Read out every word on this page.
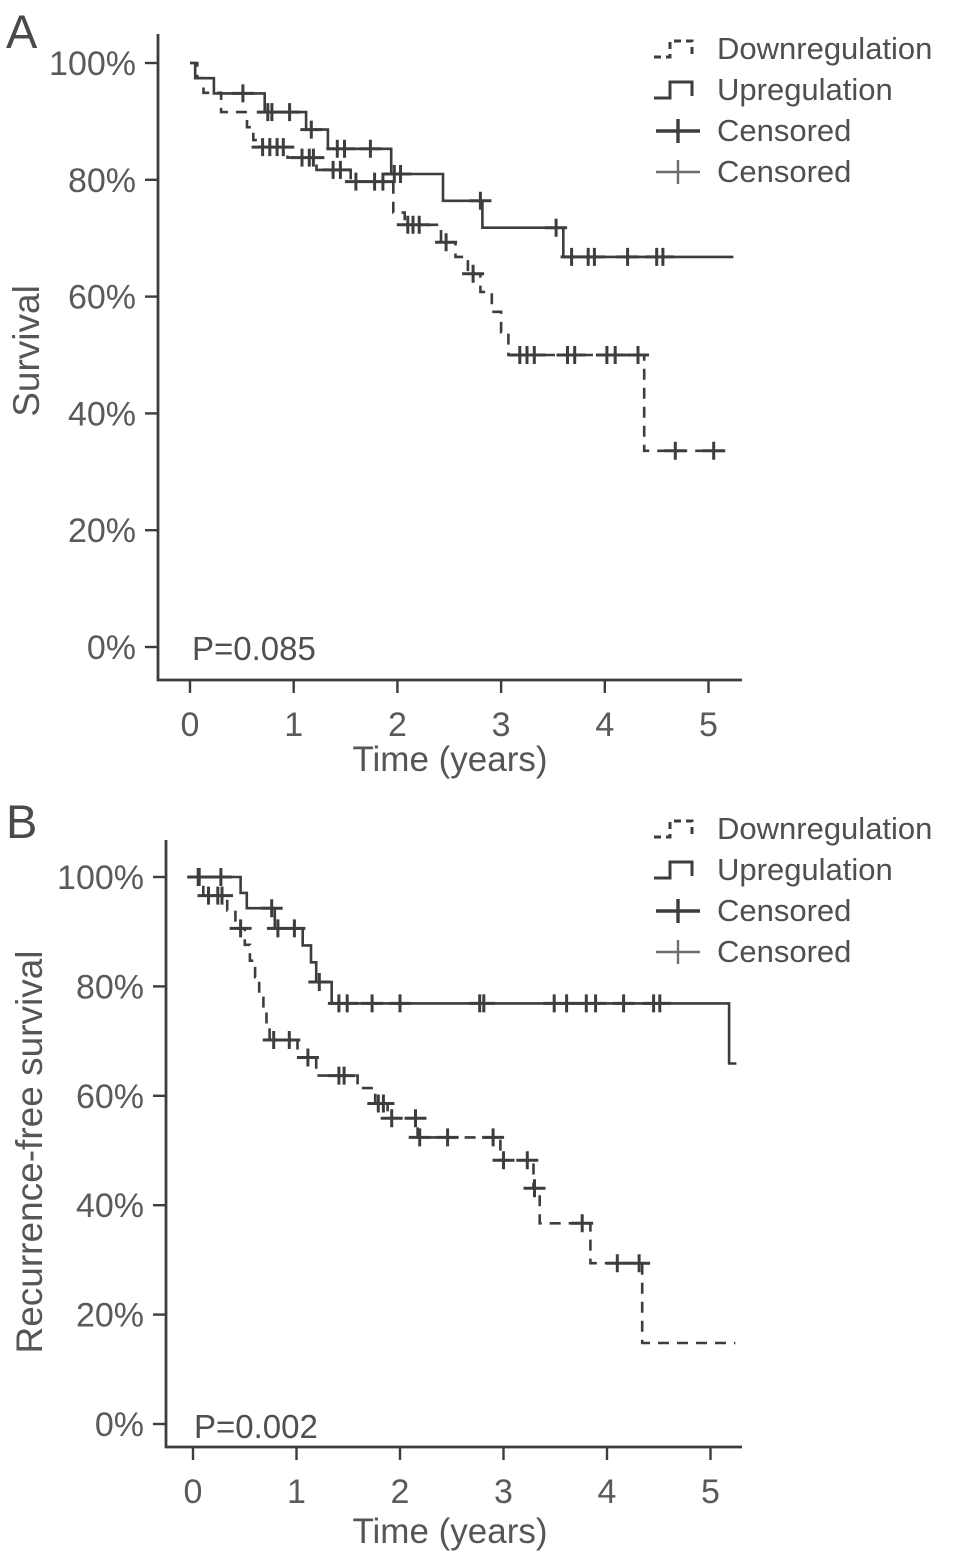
100%
80%
60%
40%
20%
0%
0 1 2 3 4 5
A
Survival
Time (years)
P=0.085
Downregulation
Upregulation
Censored
Censored
100%
80%
60%
40%
20%
0%
0 1 2 3 4 5
B
Recurrence-free survival
Time (years)
P=0.002
Downregulation
Upregulation
Censored
Censored
